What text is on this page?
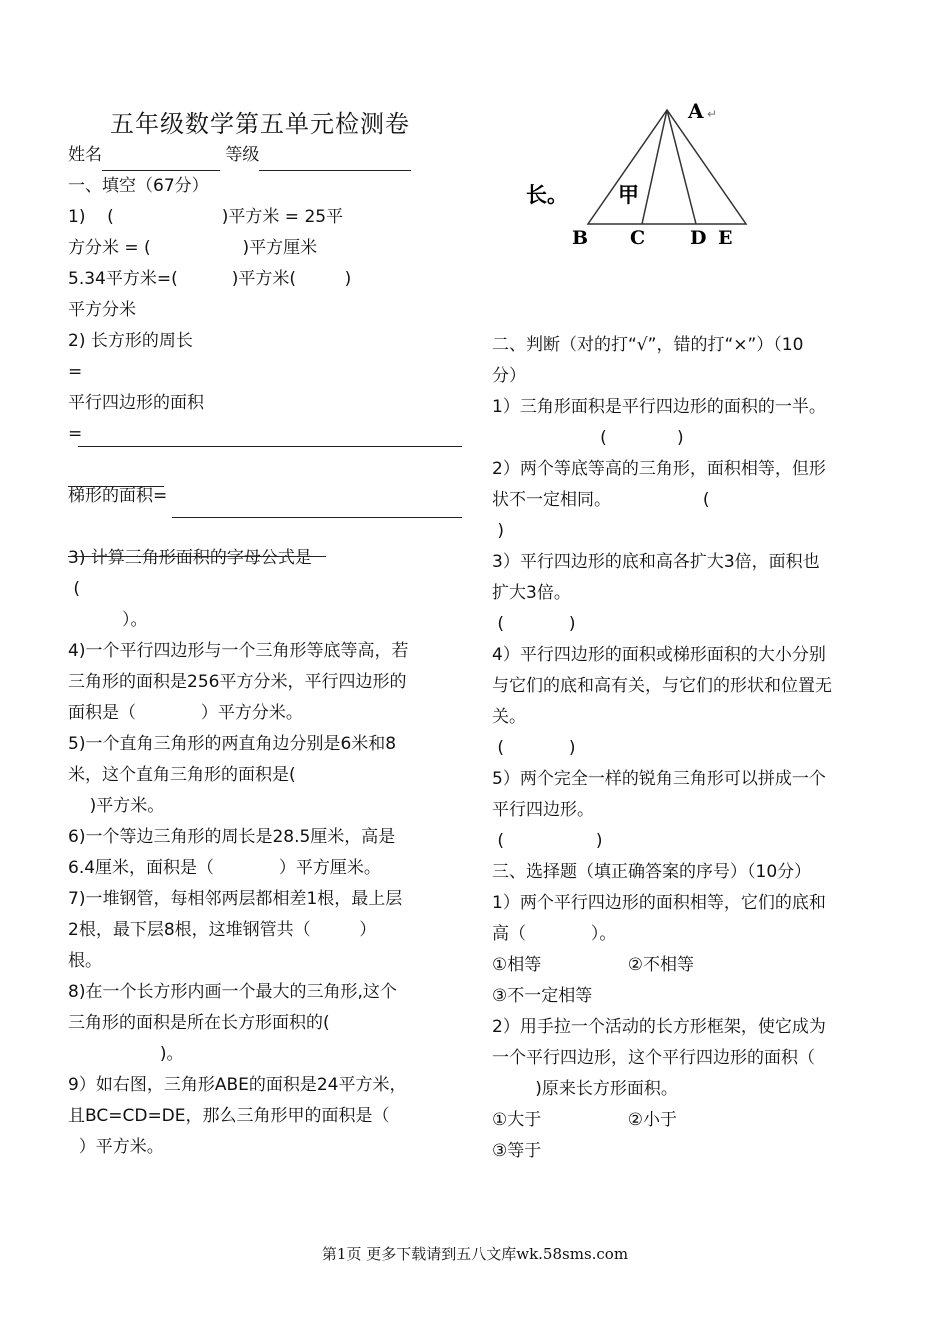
五年级数学第五单元检测卷
姓名	等级
一、填空（67分）
1)    (                    )平方米 = 25平
方分米 = (                 )平方厘米
5.34平方米=(          )平方米(         )
平方分米
2) 长方形的周长
=
平行四边形的面积
=
梯形的面积=
3) 计算三角形面积的字母公式是
(
）。
4)一个平行四边形与一个三角形等底等高，若
三角形的面积是256平方分米，平行四边形的
面积是（            ）平方分米。
5)一个直角三角形的两直角边分别是6米和8
米，这个直角三角形的面积是(
)平方米。
6)一个等边三角形的周长是28.5厘米，高是
6.4厘米，面积是（            ）平方厘米。
7)一堆钢管，每相邻两层都相差1根，最上层
2根，最下层8根，这堆钢管共（         ）
根。
8)在一个长方形内画一个最大的三角形,这个
三角形的面积是所在长方形面积的(
)。
9）如右图，三角形ABE的面积是24平方米，
且BC=CD=DE，那么三角形甲的面积是（
）平方米。
A ↵
B C D E
甲
长。
二、判断（对的打“√”，错的打“×”）（10
分）
1）三角形面积是平行四边形的面积的一半。
(             )
2）两个等底等高的三角形，面积相等，但形
状不一定相同。                 (
)
3）平行四边形的底和高各扩大3倍，面积也
扩大3倍。
(            )
4）平行四边形的面积或梯形面积的大小分别
与它们的底和高有关，与它们的形状和位置无
关。
(            )
5）两个完全一样的锐角三角形可以拼成一个
平行四边形。
(                 )
三、选择题（填正确答案的序号）（10分）
1）两个平行四边形的面积相等，它们的底和
高（            ）。
①相等                ②不相等
③不一定相等
2）用手拉一个活动的长方形框架，使它成为
一个平行四边形，这个平行四边形的面积（
)原来长方形面积。
①大于                ②小于
③等于
第1页 更多下载请到五八文库wk.58sms.com
